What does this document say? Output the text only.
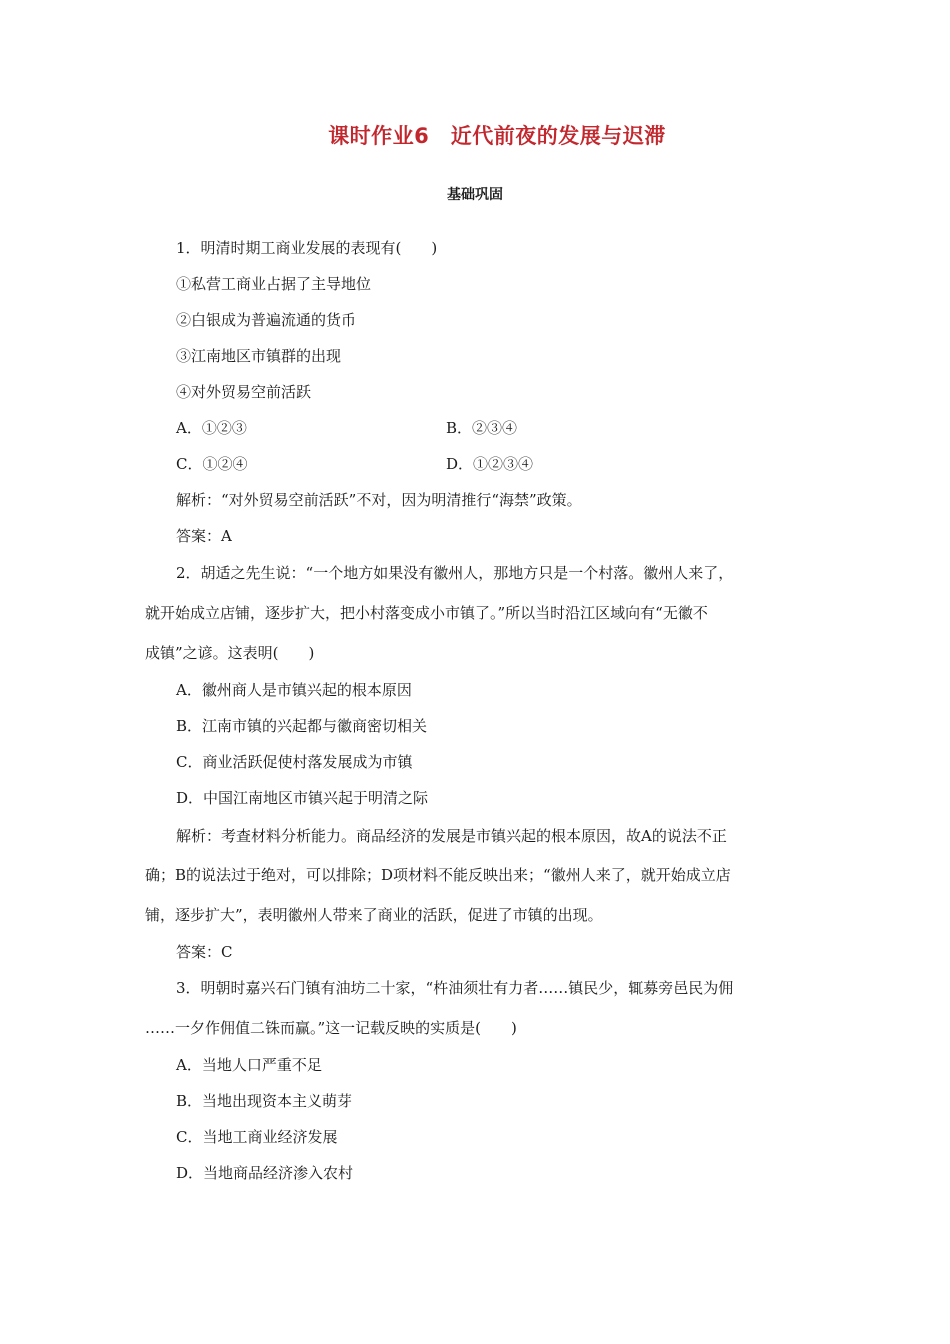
课时作业6　近代前夜的发展与迟滞
基础巩固
1．明清时期工商业发展的表现有(　　)
①私营工商业占据了主导地位
②白银成为普遍流通的货币
③江南地区市镇群的出现
④对外贸易空前活跃
A．①②③	B．②③④
C．①②④	D．①②③④
解析：“对外贸易空前活跃”不对，因为明清推行“海禁”政策。
答案：A
2．胡适之先生说：“一个地方如果没有徽州人，那地方只是一个村落。徽州人来了，
就开始成立店铺，逐步扩大，把小村落变成小市镇了。”所以当时沿江区域向有“无徽不
成镇”之谚。这表明(　　)
A．徽州商人是市镇兴起的根本原因
B．江南市镇的兴起都与徽商密切相关
C．商业活跃促使村落发展成为市镇
D．中国江南地区市镇兴起于明清之际
解析：考查材料分析能力。商品经济的发展是市镇兴起的根本原因，故A的说法不正
确；B的说法过于绝对，可以排除；D项材料不能反映出来；“徽州人来了，就开始成立店
铺，逐步扩大”，表明徽州人带来了商业的活跃，促进了市镇的出现。
答案：C
3．明朝时嘉兴石门镇有油坊二十家，“杵油须壮有力者……镇民少，辄募旁邑民为佣
……一夕作佣值二铢而赢。”这一记载反映的实质是(　　)
A．当地人口严重不足
B．当地出现资本主义萌芽
C．当地工商业经济发展
D．当地商品经济渗入农村
